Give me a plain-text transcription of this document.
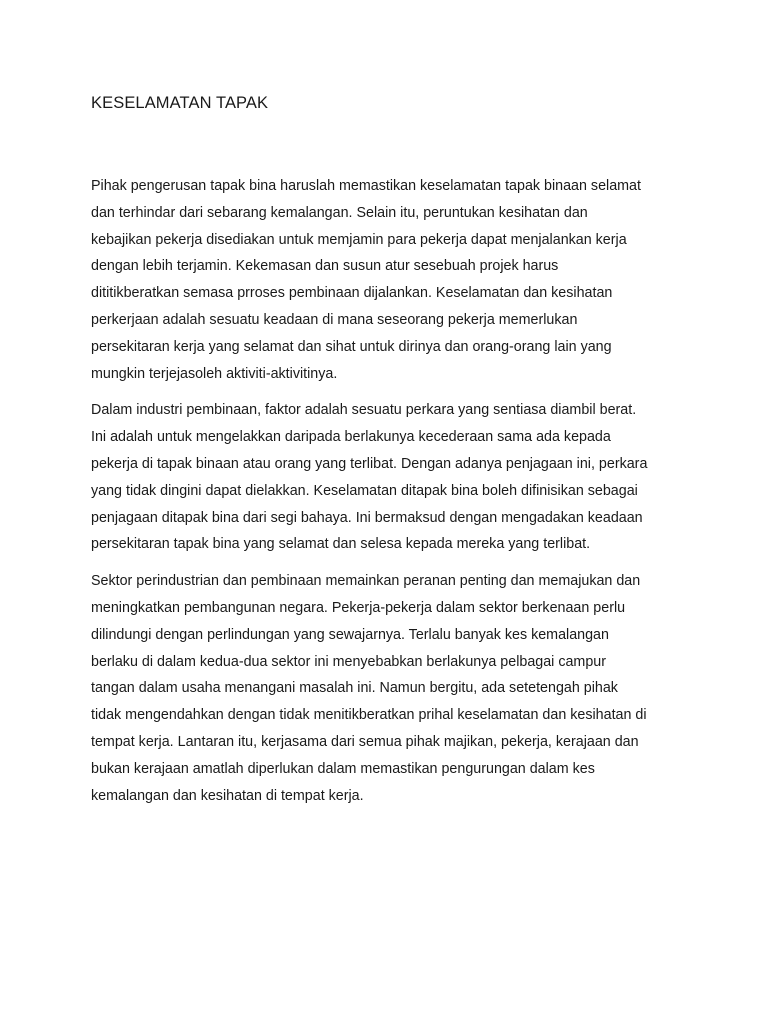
KESELAMATAN TAPAK

Pihak pengerusan tapak bina haruslah memastikan keselamatan tapak binaan selamat
dan terhindar dari sebarang kemalangan. Selain itu, peruntukan kesihatan dan
kebajikan pekerja disediakan untuk memjamin para pekerja dapat menjalankan kerja
dengan lebih terjamin. Kekemasan dan susun atur sesebuah projek harus
dititikberatkan semasa prroses pembinaan dijalankan. Keselamatan dan kesihatan
perkerjaan adalah sesuatu keadaan di mana seseorang pekerja memerlukan
persekitaran kerja yang selamat dan sihat untuk dirinya dan orang-orang lain yang
mungkin terjejasoleh aktiviti-aktivitinya.

Dalam industri pembinaan, faktor adalah sesuatu perkara yang sentiasa diambil berat.
Ini adalah untuk mengelakkan daripada berlakunya kecederaan sama ada kepada
pekerja di tapak binaan atau orang yang terlibat. Dengan adanya penjagaan ini, perkara
yang tidak dingini dapat dielakkan. Keselamatan ditapak bina boleh difinisikan sebagai
penjagaan ditapak bina dari segi bahaya. Ini bermaksud dengan mengadakan keadaan
persekitaran tapak bina yang selamat dan selesa kepada mereka yang terlibat.

Sektor perindustrian dan pembinaan memainkan peranan penting dan memajukan dan
meningkatkan pembangunan negara. Pekerja-pekerja dalam sektor berkenaan perlu
dilindungi dengan perlindungan yang sewajarnya. Terlalu banyak kes kemalangan
berlaku di dalam kedua-dua sektor ini menyebabkan berlakunya pelbagai campur
tangan dalam usaha menangani masalah ini. Namun bergitu, ada setetengah pihak
tidak mengendahkan dengan tidak menitikberatkan prihal keselamatan dan kesihatan di
tempat kerja. Lantaran itu, kerjasama dari semua pihak majikan, pekerja, kerajaan dan
bukan kerajaan amatlah diperlukan dalam memastikan pengurungan dalam kes
kemalangan dan kesihatan di tempat kerja.
